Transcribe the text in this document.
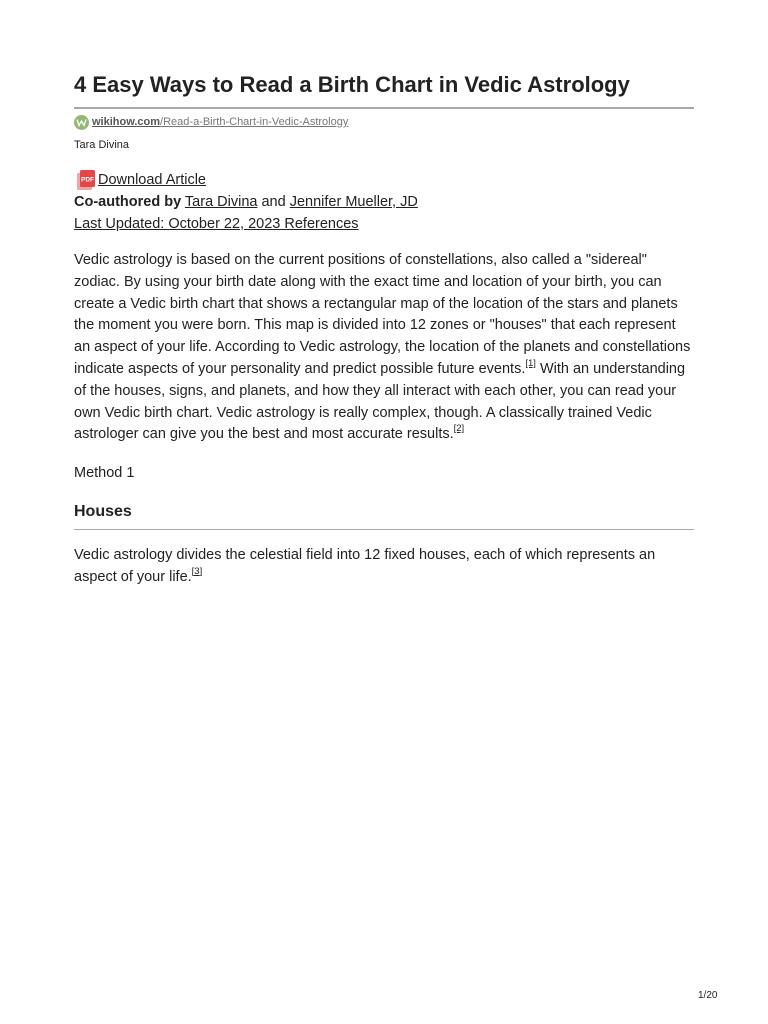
4 Easy Ways to Read a Birth Chart in Vedic Astrology
wikihow.com /Read-a-Birth-Chart-in-Vedic-Astrology
Tara Divina
PDF Download Article
Co-authored by Tara Divina and Jennifer Mueller, JD
Last Updated: October 22, 2023 References

Vedic astrology is based on the current positions of constellations, also called a "sidereal" zodiac. By using your birth date along with the exact time and location of your birth, you can create a Vedic birth chart that shows a rectangular map of the location of the stars and planets the moment you were born. This map is divided into 12 zones or "houses" that each represent an aspect of your life. According to Vedic astrology, the location of the planets and constellations indicate aspects of your personality and predict possible future events.[1] With an understanding of the houses, signs, and planets, and how they all interact with each other, you can read your own Vedic birth chart. Vedic astrology is really complex, though. A classically trained Vedic astrologer can give you the best and most accurate results.[2]

Method 1
Houses

Vedic astrology divides the celestial field into 12 fixed houses, each of which represents an aspect of your life.[3]

1/20
